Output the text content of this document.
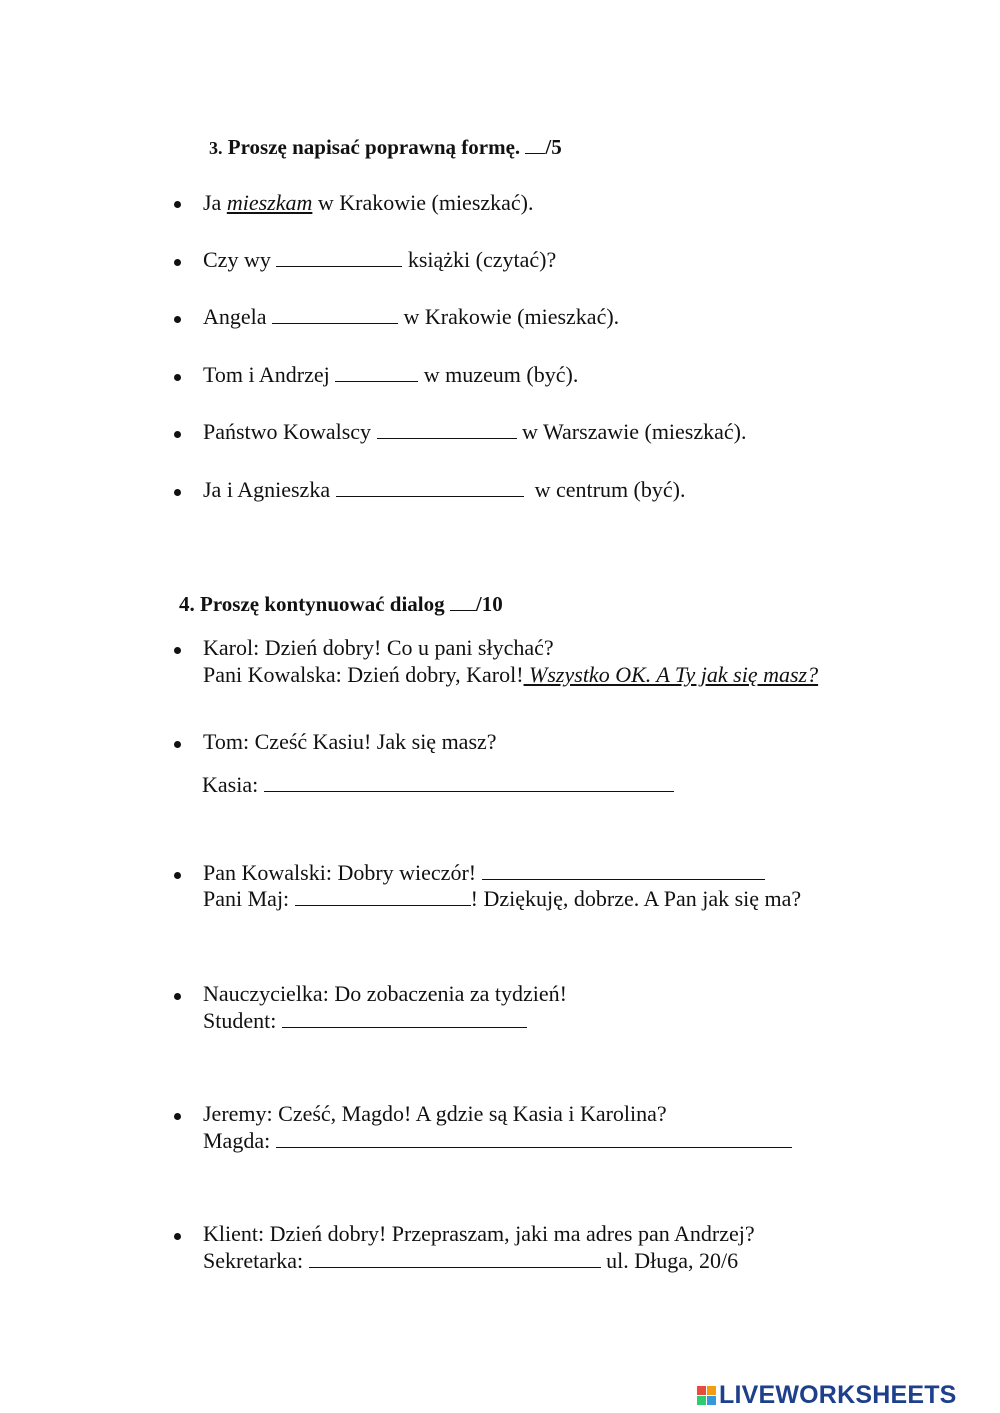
3. Proszę napisać poprawną formę. /5
Ja mieszkam w Krakowie (mieszkać).
Czy wy	książki (czytać)?
Angela	w Krakowie (mieszkać).
Tom i Andrzej	w muzeum (być).
Państwo Kowalscy	w Warszawie (mieszkać).
Ja i Agnieszka	w centrum (być).
4. Proszę kontynuować dialog /10
Karol: Dzień dobry! Co u pani słychać?
Pani Kowalska: Dzień dobry, Karol! Wszystko OK. A Ty jak się masz?
Tom: Cześć Kasiu! Jak się masz?
Kasia:
Pan Kowalski: Dobry wieczór!
Pani Maj:	! Dziękuję, dobrze. A Pan jak się ma?
Nauczycielka: Do zobaczenia za tydzień!
Student:
Jeremy: Cześć, Magdo! A gdzie są Kasia i Karolina?
Magda:
Klient: Dzień dobry! Przepraszam, jaki ma adres pan Andrzej?
Sekretarka:	ul. Długa, 20/6
LIVEWORKSHEETS
